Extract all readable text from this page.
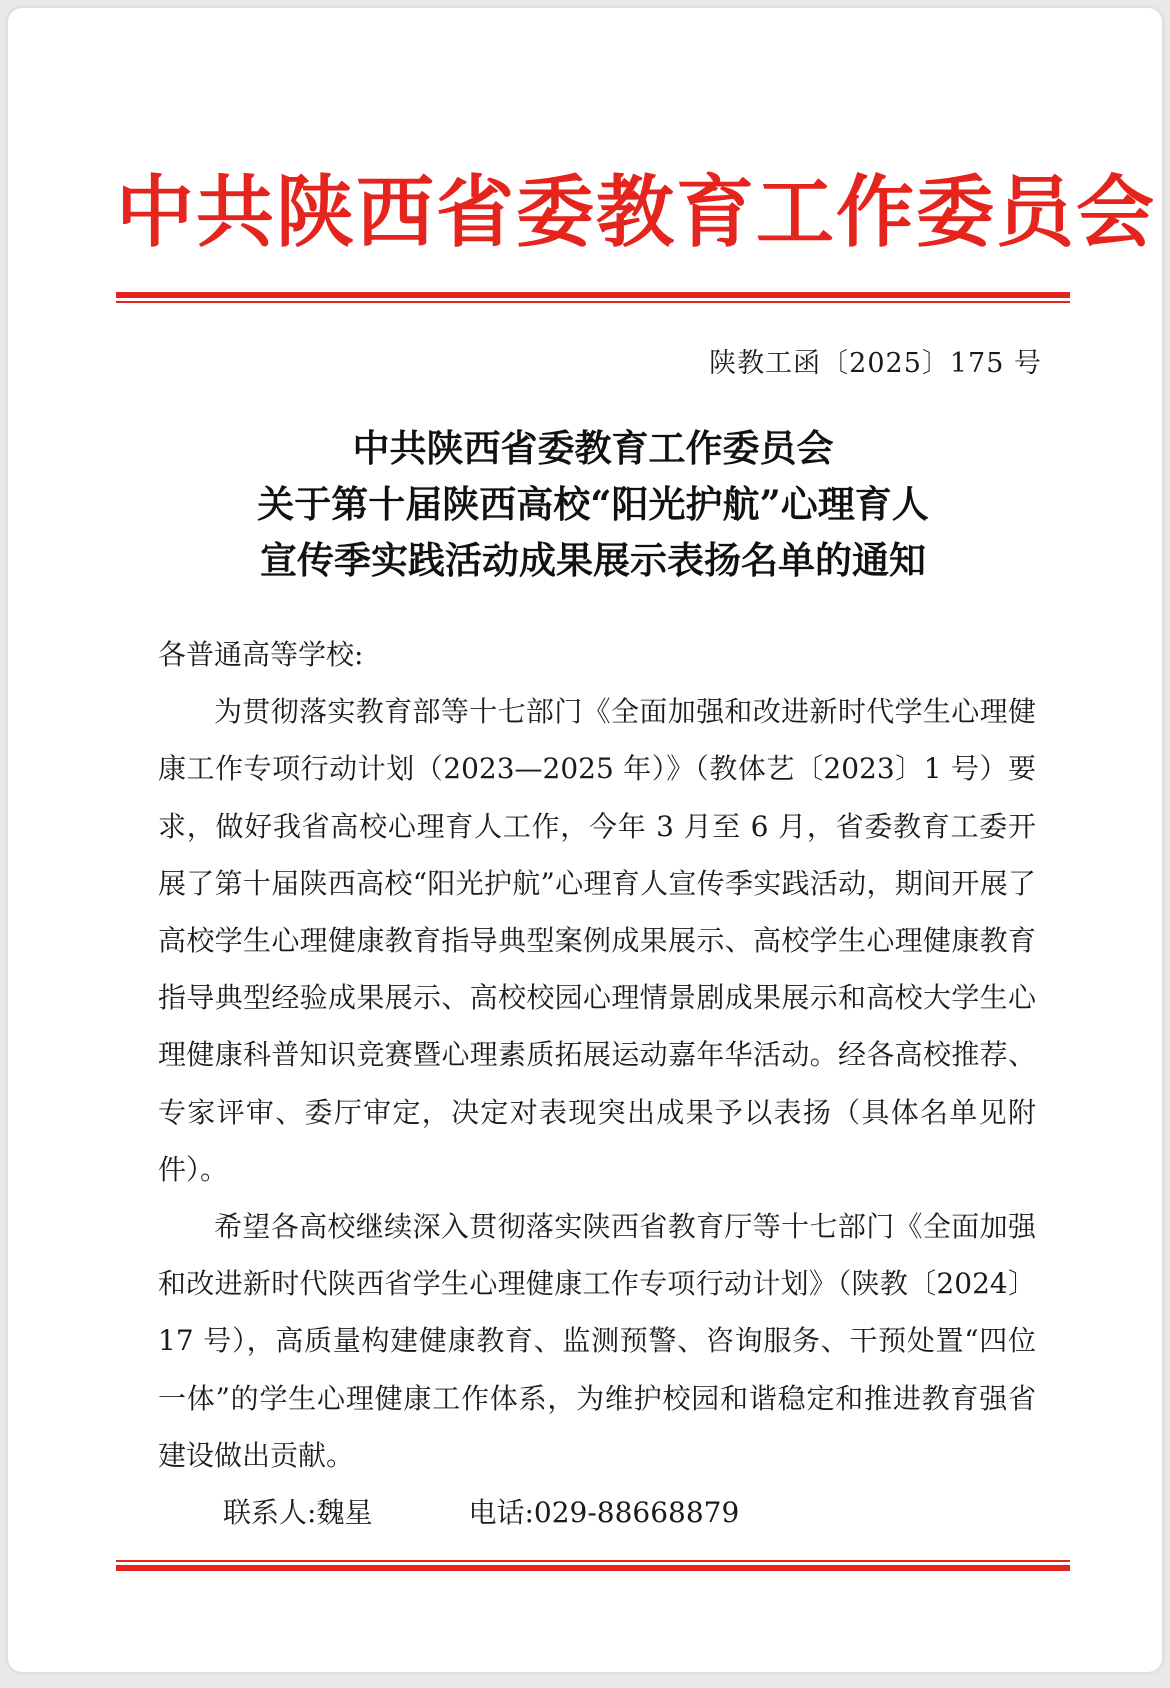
中共陕西省委教育工作委员会
陕教工函〔2025〕175 号
中共陕西省委教育工作委员会
关于第十届陕西高校“阳光护航”心理育人
宣传季实践活动成果展示表扬名单的通知

各普通高等学校:

为贯彻落实教育部等十七部门《全面加强和改进新时代学生心理健康工作专项行动计划（2023—2025 年）》（教体艺〔2023〕1 号）要求，做好我省高校心理育人工作，今年 3 月至 6 月，省委教育工委开展了第十届陕西高校“阳光护航”心理育人宣传季实践活动，期间开展了高校学生心理健康教育指导典型案例成果展示、高校学生心理健康教育指导典型经验成果展示、高校校园心理情景剧成果展示和高校大学生心理健康科普知识竞赛暨心理素质拓展运动嘉年华活动。经各高校推荐、专家评审、委厅审定，决定对表现突出成果予以表扬（具体名单见附件）。

希望各高校继续深入贯彻落实陕西省教育厅等十七部门《全面加强和改进新时代陕西省学生心理健康工作专项行动计划》（陕教〔2024〕17 号），高质量构建健康教育、监测预警、咨询服务、干预处置“四位一体”的学生心理健康工作体系，为维护校园和谐稳定和推进教育强省建设做出贡献。

联系人:魏星	电话:029-88668879
